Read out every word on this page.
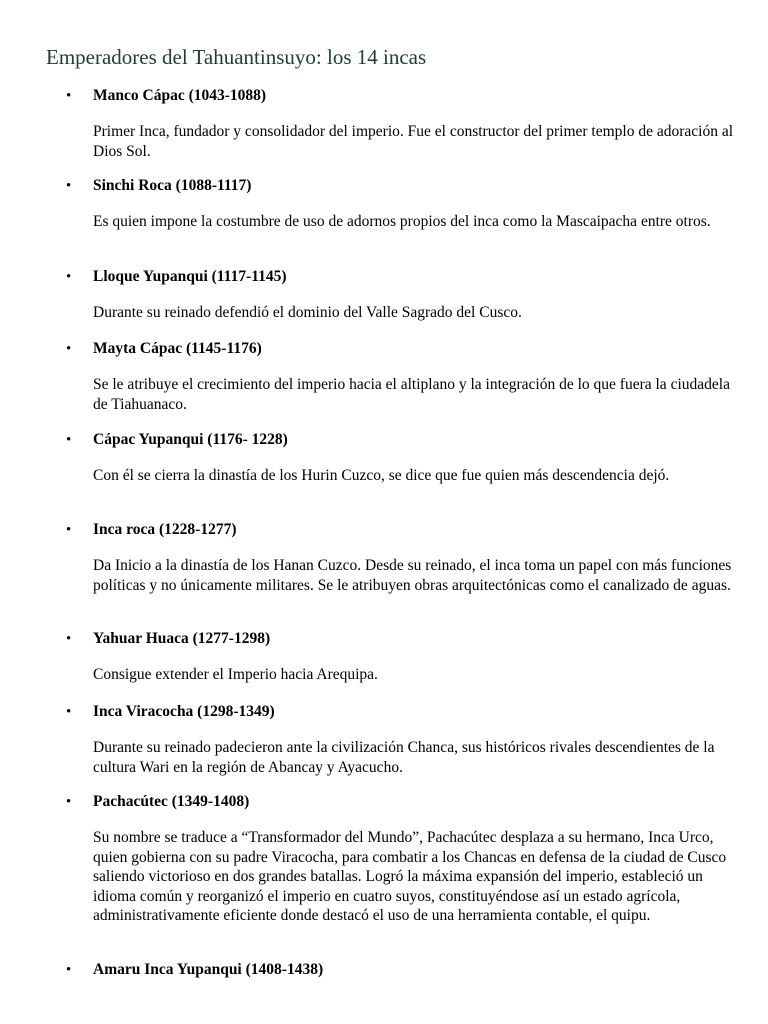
Emperadores del Tahuantinsuyo: los 14 incas
• Manco Cápac (1043-1088)
Primer Inca, fundador y consolidador del imperio. Fue el constructor del primer templo de adoración al Dios Sol.
• Sinchi Roca (1088-1117)
Es quien impone la costumbre de uso de adornos propios del inca como la Mascaipacha entre otros.
• Lloque Yupanqui (1117-1145)
Durante su reinado defendió el dominio del Valle Sagrado del Cusco.
• Mayta Cápac (1145-1176)
Se le atribuye el crecimiento del imperio hacia el altiplano y la integración de lo que fuera la ciudadela de Tiahuanaco.
• Cápac Yupanqui (1176- 1228)
Con él se cierra la dinastía de los Hurin Cuzco, se dice que fue quien más descendencia dejó.
• Inca roca (1228-1277)
Da Inicio a la dinastía de los Hanan Cuzco. Desde su reinado, el inca toma un papel con más funciones políticas y no únicamente militares. Se le atribuyen obras arquitectónicas como el canalizado de aguas.
• Yahuar Huaca (1277-1298)
Consigue extender el Imperio hacia Arequipa.
• Inca Viracocha (1298-1349)
Durante su reinado padecieron ante la civilización Chanca, sus históricos rivales descendientes de la cultura Wari en la región de Abancay y Ayacucho.
• Pachacútec (1349-1408)
Su nombre se traduce a “Transformador del Mundo”, Pachacútec desplaza a su hermano, Inca Urco, quien gobierna con su padre Viracocha, para combatir a los Chancas en defensa de la ciudad de Cusco saliendo victorioso en dos grandes batallas. Logró la máxima expansión del imperio, estableció un idioma común y reorganizó el imperio en cuatro suyos, constituyéndose así un estado agrícola, administrativamente eficiente donde destacó el uso de una herramienta contable, el quipu.
• Amaru Inca Yupanqui (1408-1438)
